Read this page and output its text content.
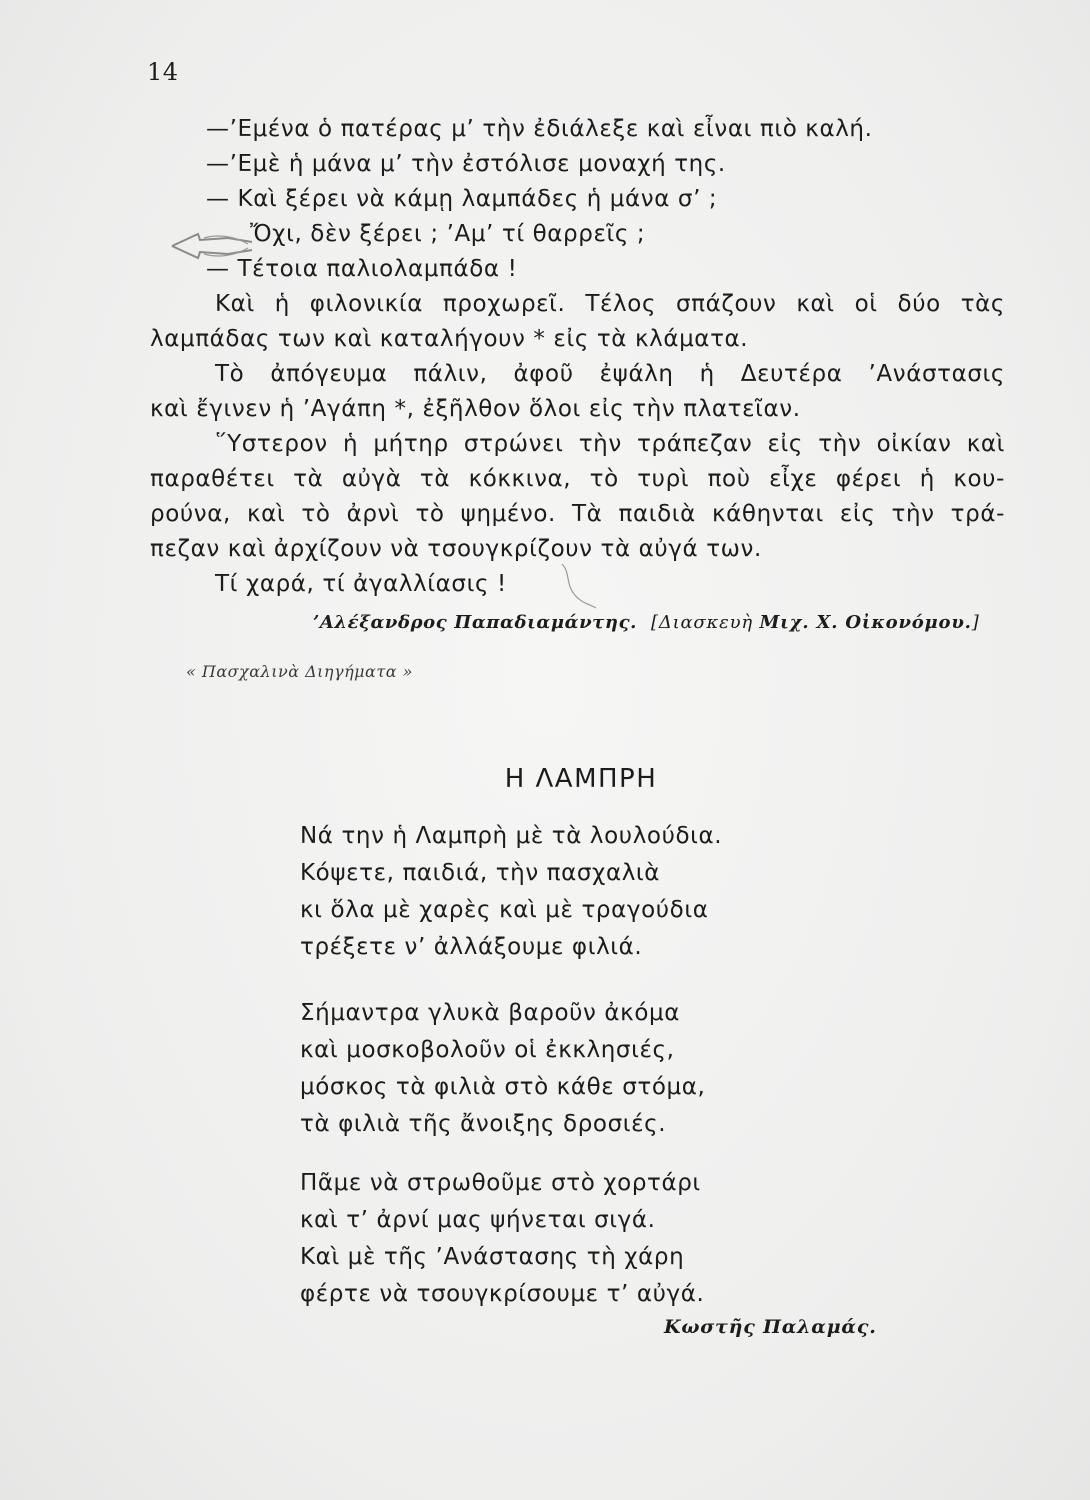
14
—’Εμένα ὁ πατέρας μ’ τὴν ἐδιάλεξε καὶ εἶναι πιὸ καλή.
—’Εμὲ ἡ μάνα μ’ τὴν ἐστόλισε μοναχή της.
— Καὶ ξέρει νὰ κάμῃ λαμπάδες ἡ μάνα σ’ ;
Ὄχι, δὲν ξέρει ; ’Αμ’ τί θαρρεῖς ;
— Τέτοια παλιολαμπάδα !
Καὶ ἡ φιλονικία προχωρεῖ. Τέλος σπάζουν καὶ οἱ δύο τὰς
λαμπάδας των καὶ καταλήγουν * εἰς τὰ κλάματα.
Τὸ ἀπόγευμα πάλιν, ἀφοῦ ἐψάλη ἡ Δευτέρα ’Ανάστασις
καὶ ἔγινεν ἡ ’Αγάπη *, ἐξῆλθον ὅλοι εἰς τὴν πλατεῖαν.
῞Υστερον ἡ μήτηρ στρώνει τὴν τράπεζαν εἰς τὴν οἰκίαν καὶ
παραθέτει τὰ αὐγὰ τὰ κόκκινα, τὸ τυρὶ ποὺ εἶχε φέρει ἡ κου-
ρούνα, καὶ τὸ ἀρνὶ τὸ ψημένο. Τὰ παιδιὰ κάθηνται εἰς τὴν τρά-
πεζαν καὶ ἀρχίζουν νὰ τσουγκρίζουν τὰ αὐγά των.
Τί χαρά, τί ἀγαλλίασις !
’Αλέξανδρος Παπαδιαμάντης. [Διασκευὴ Μιχ. Χ. Οἰκονόμου.]
« Πασχαλινὰ Διηγήματα »
Η ΛΑΜΠΡΗ
Νά την ἡ Λαμπρὴ μὲ τὰ λουλούδια.
Κόψετε, παιδιά, τὴν πασχαλιὰ
κι ὅλα μὲ χαρὲς καὶ μὲ τραγούδια
τρέξετε ν’ ἀλλάξουμε φιλιά.
Σήμαντρα γλυκὰ βαροῦν ἀκόμα
καὶ μοσκοβολοῦν οἱ ἐκκλησιές,
μόσκος τὰ φιλιὰ στὸ κάθε στόμα,
τὰ φιλιὰ τῆς ἄνοιξης δροσιές.
Πᾶμε νὰ στρωθοῦμε στὸ χορτάρι
καὶ τ’ ἀρνί μας ψήνεται σιγά.
Καὶ μὲ τῆς ’Ανάστασης τὴ χάρη
φέρτε νὰ τσουγκρίσουμε τ’ αὐγά.
Κωστῆς Παλαμάς.
